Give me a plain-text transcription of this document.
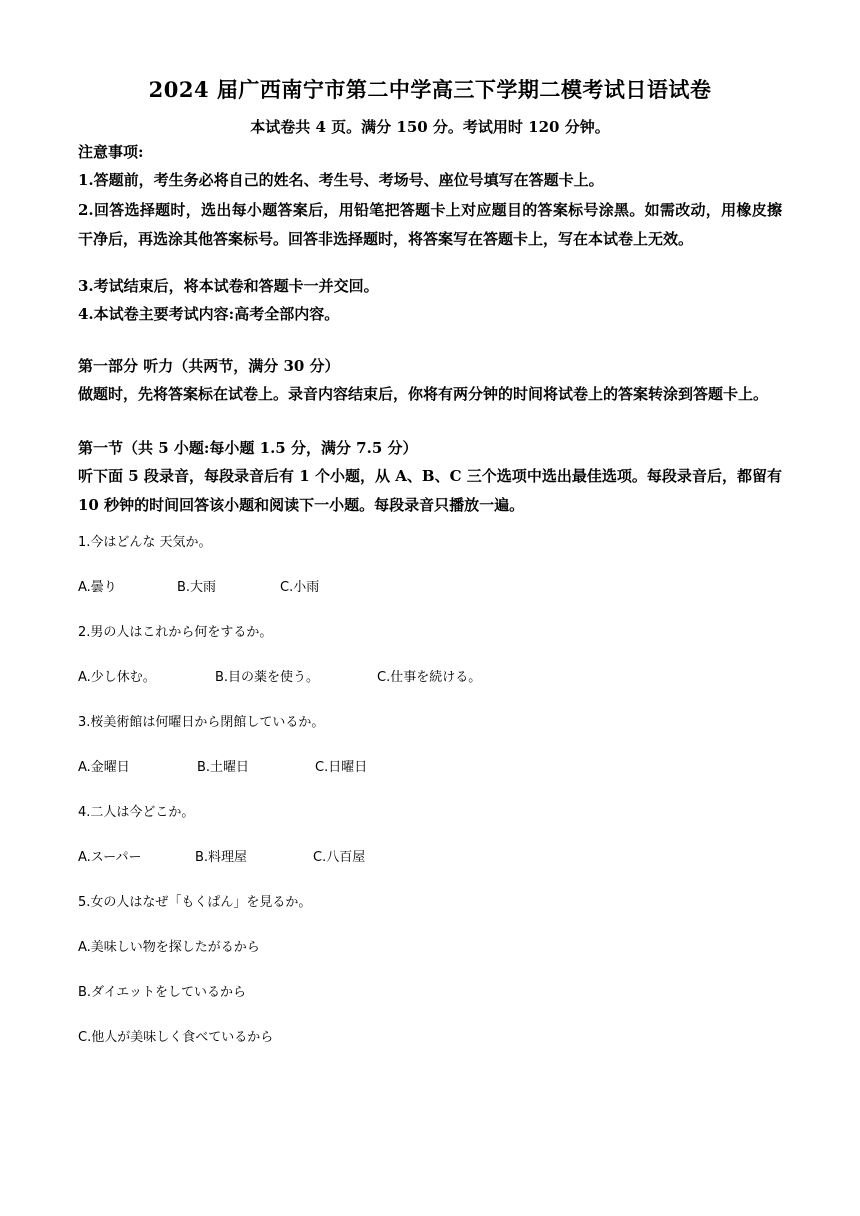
2024 届广西南宁市第二中学高三下学期二模考试日语试卷
本试卷共 4 页。满分 150 分。考试用时 120 分钟。
注意事项:
1.答题前，考生务必将自己的姓名、考生号、考场号、座位号填写在答题卡上。
2.回答选择题时，选出每小题答案后，用铅笔把答题卡上对应题目的答案标号涂黑。如需改动，用橡皮擦干净后，再选涂其他答案标号。回答非选择题时，将答案写在答题卡上，写在本试卷上无效。
3.考试结束后，将本试卷和答题卡一并交回。
4.本试卷主要考试内容:高考全部内容。
第一部分 听力（共两节，满分 30 分）
做题时，先将答案标在试卷上。录音内容结束后，你将有两分钟的时间将试卷上的答案转涂到答题卡上。
第一节（共 5 小题:每小题 1.5 分，满分 7.5 分）
听下面 5 段录音，每段录音后有 1 个小题，从 A、B、C 三个选项中选出最佳选项。每段录音后，都留有 10 秒钟的时间回答该小题和阅读下一小题。每段录音只播放一遍。
1.今はどんな 天気か。
A.曇り	B.大雨	C.小雨
2.男の人はこれから何をするか。
A.少し休む。	B.目の薬を使う。	C.仕事を続ける。
3.桜美術館は何曜日から閉館しているか。
A.金曜日	B.土曜日	C.日曜日
4.二人は今どこか。
A.スーパー	B.料理屋	C.八百屋
5.女の人はなぜ「もくぱん」を見るか。
A.美味しい物を探したがるから
B.ダイエットをしているから
C.他人が美味しく食べているから
